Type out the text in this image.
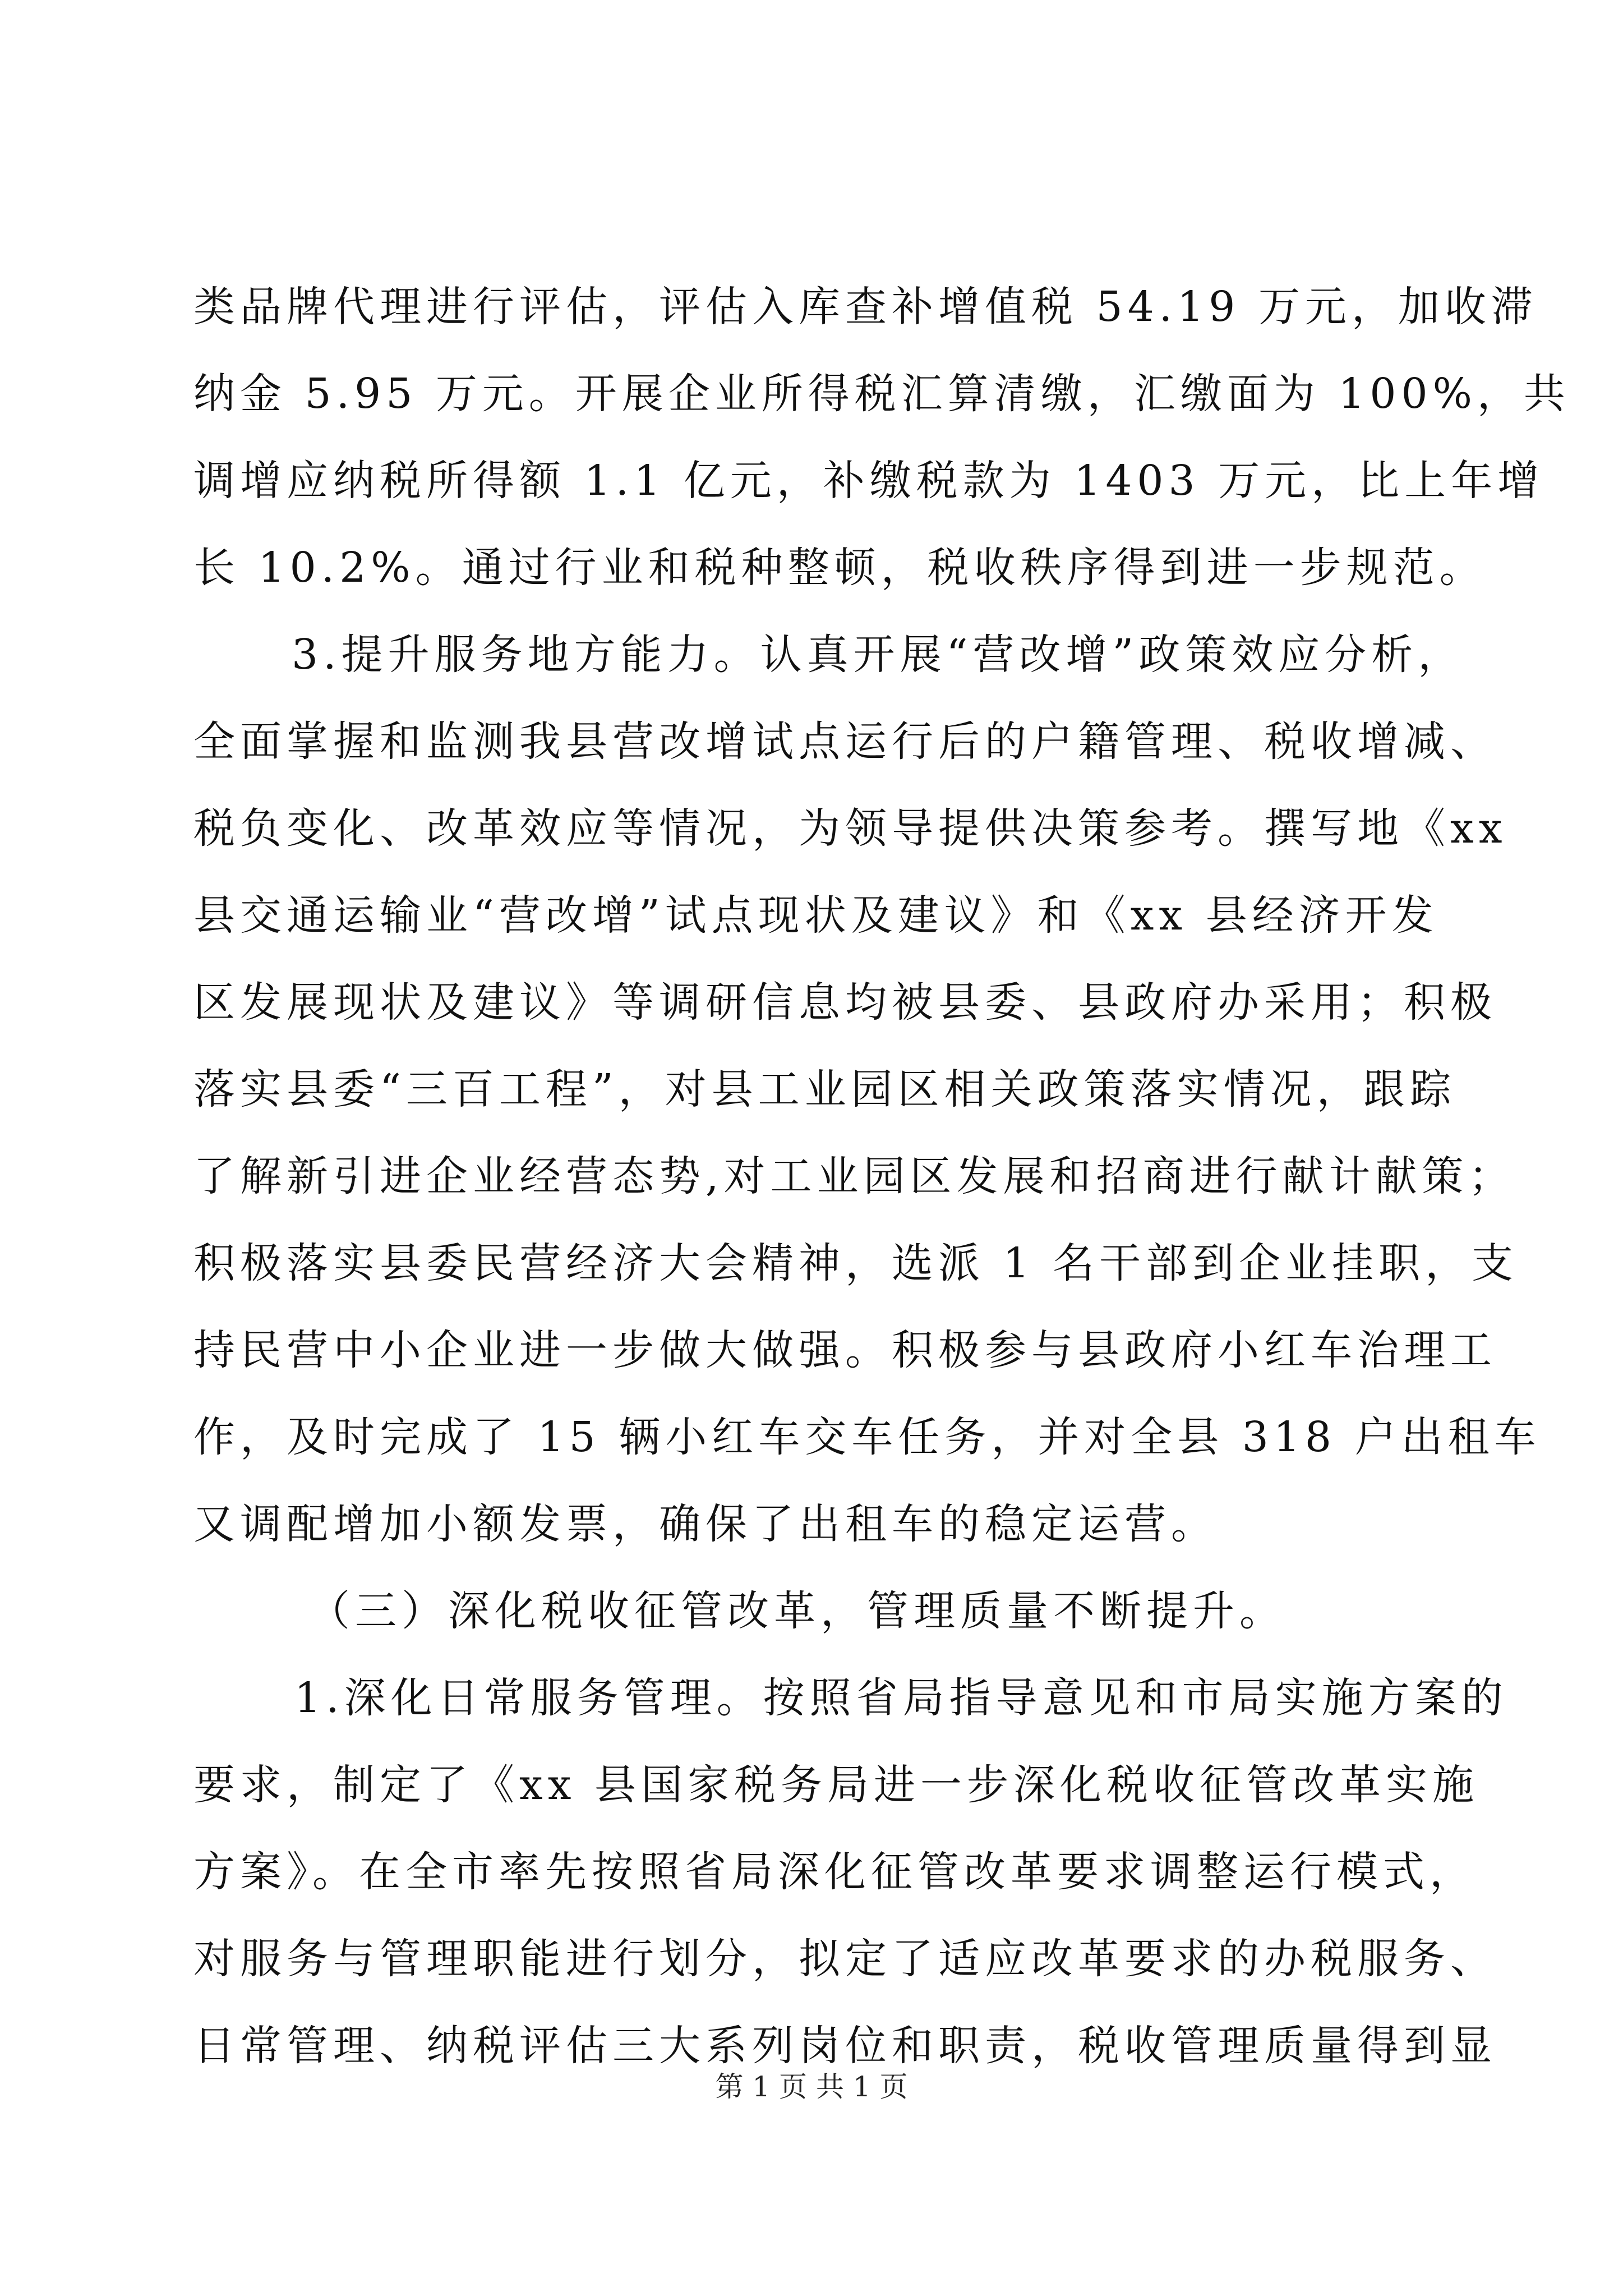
类品牌代理进行评估，评估入库查补增值税 54.19 万元，加收滞
纳金 5.95 万元。开展企业所得税汇算清缴，汇缴面为 100%，共
调增应纳税所得额 1.1 亿元，补缴税款为 1403 万元，比上年增
长 10.2%。通过行业和税种整顿，税收秩序得到进一步规范。
3.提升服务地方能力。认真开展“营改增”政策效应分析，
全面掌握和监测我县营改增试点运行后的户籍管理、税收增减、
税负变化、改革效应等情况，为领导提供决策参考。撰写地《xx
县交通运输业“营改增”试点现状及建议》和《xx 县经济开发
区发展现状及建议》等调研信息均被县委、县政府办采用；积极
落实县委“三百工程”，对县工业园区相关政策落实情况，跟踪
了解新引进企业经营态势,对工业园区发展和招商进行献计献策；
积极落实县委民营经济大会精神，选派 1 名干部到企业挂职，支
持民营中小企业进一步做大做强。积极参与县政府小红车治理工
作，及时完成了 15 辆小红车交车任务，并对全县 318 户出租车
又调配增加小额发票，确保了出租车的稳定运营。
（三）深化税收征管改革，管理质量不断提升。
1.深化日常服务管理。按照省局指导意见和市局实施方案的
要求，制定了《xx 县国家税务局进一步深化税收征管改革实施
方案》。在全市率先按照省局深化征管改革要求调整运行模式，
对服务与管理职能进行划分，拟定了适应改革要求的办税服务、
日常管理、纳税评估三大系列岗位和职责，税收管理质量得到显
第 1 页 共 1 页
